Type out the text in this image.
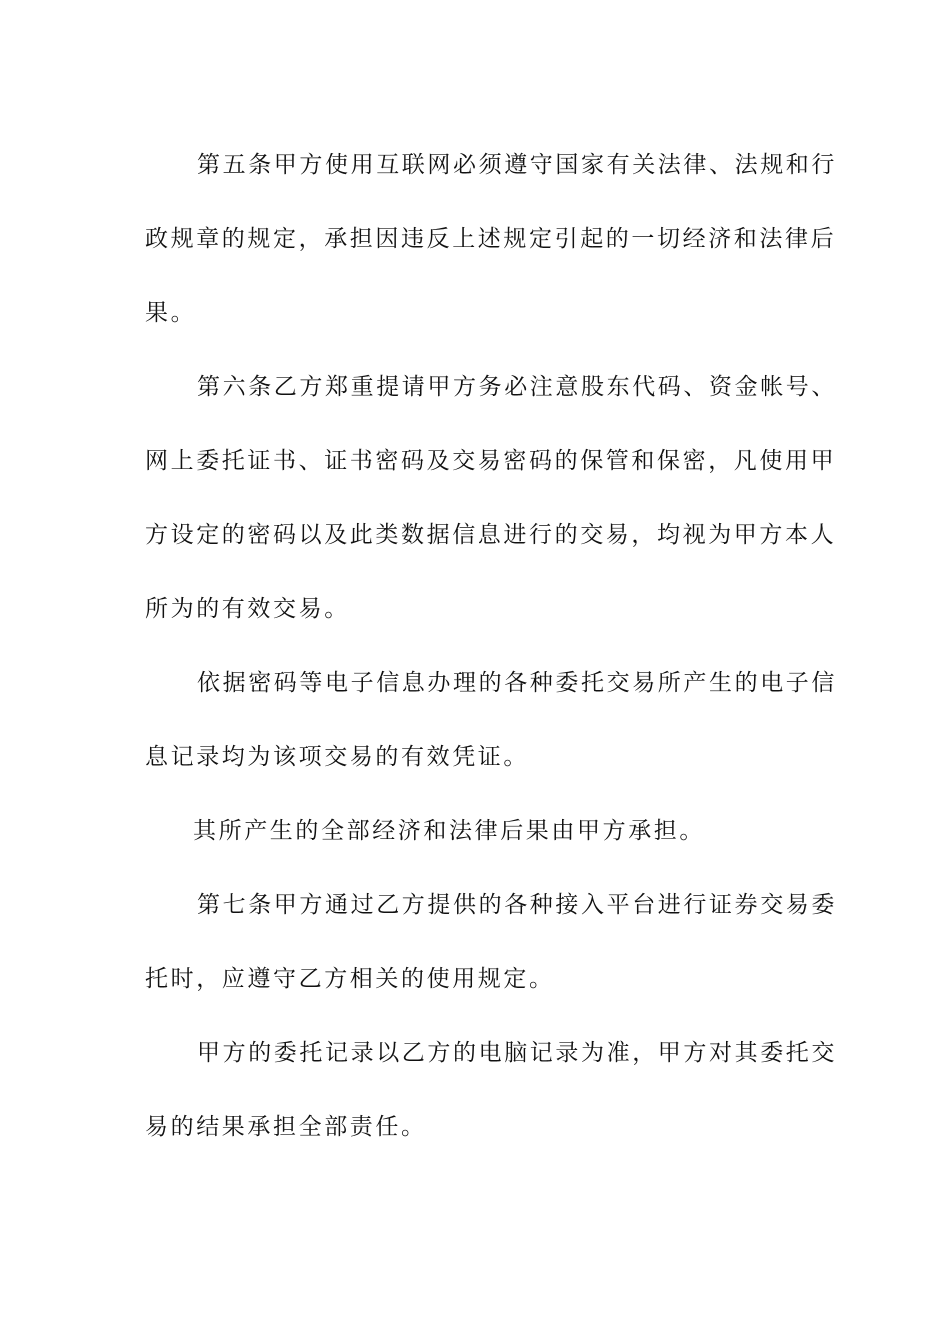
第五条甲方使用互联网必须遵守国家有关法律、法规和行
政规章的规定，承担因违反上述规定引起的一切经济和法律后
果。
第六条乙方郑重提请甲方务必注意股东代码、资金帐号、
网上委托证书、证书密码及交易密码的保管和保密，凡使用甲
方设定的密码以及此类数据信息进行的交易，均视为甲方本人
所为的有效交易。
依据密码等电子信息办理的各种委托交易所产生的电子信
息记录均为该项交易的有效凭证。
其所产生的全部经济和法律后果由甲方承担。
第七条甲方通过乙方提供的各种接入平台进行证券交易委
托时，应遵守乙方相关的使用规定。
甲方的委托记录以乙方的电脑记录为准，甲方对其委托交
易的结果承担全部责任。
